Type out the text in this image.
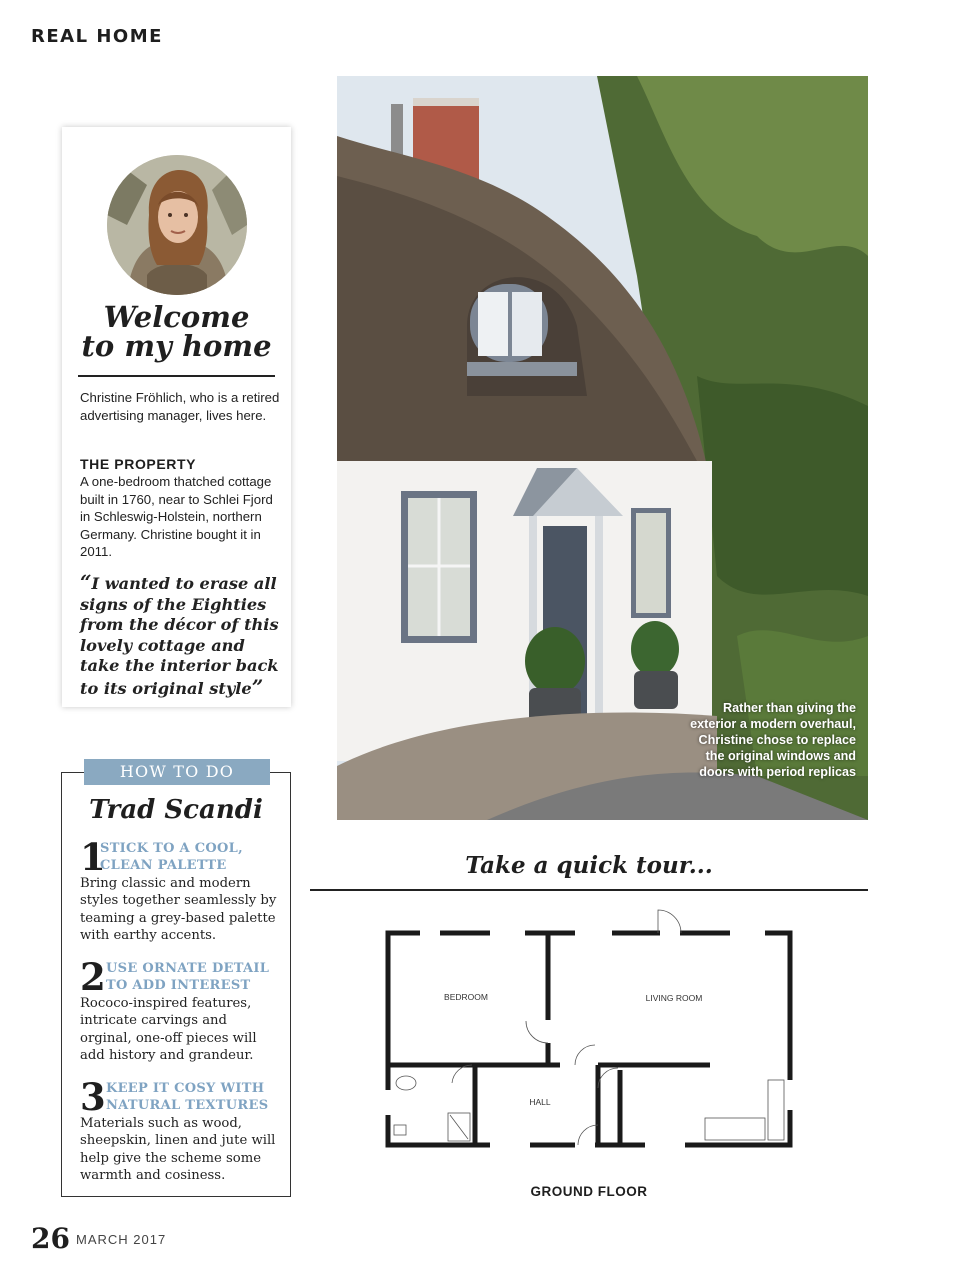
REAL HOME
Welcome
to my home
Christine Fröhlich, who is a retired advertising manager, lives here.
THE PROPERTY
A one-bedroom thatched cottage built in 1760, near to Schlei Fjord in Schleswig-Holstein, northern Germany. Christine bought it in 2011.
“I wanted to erase all signs of the Eighties from the décor of this lovely cottage and take the interior back to its original style”
HOW TO DO
Trad Scandi
1
STICK TO A COOL, CLEAN PALETTE
Bring classic and modern styles together seamlessly by teaming a grey-based palette with earthy accents.
2 USE ORNATE DETAIL TO ADD INTEREST
Rococo-inspired features, intricate carvings and orginal, one-off pieces will add history and grandeur.
3 KEEP IT COSY WITH NATURAL TEXTURES
Materials such as wood, sheepskin, linen and jute will help give the scheme some warmth and cosiness.
Rather than giving the exterior a modern overhaul, Christine chose to replace the original windows and doors with period replicas
Take a quick tour...
BEDROOM	LIVING ROOM
HALL
GROUND FLOOR
26 MARCH 2017
